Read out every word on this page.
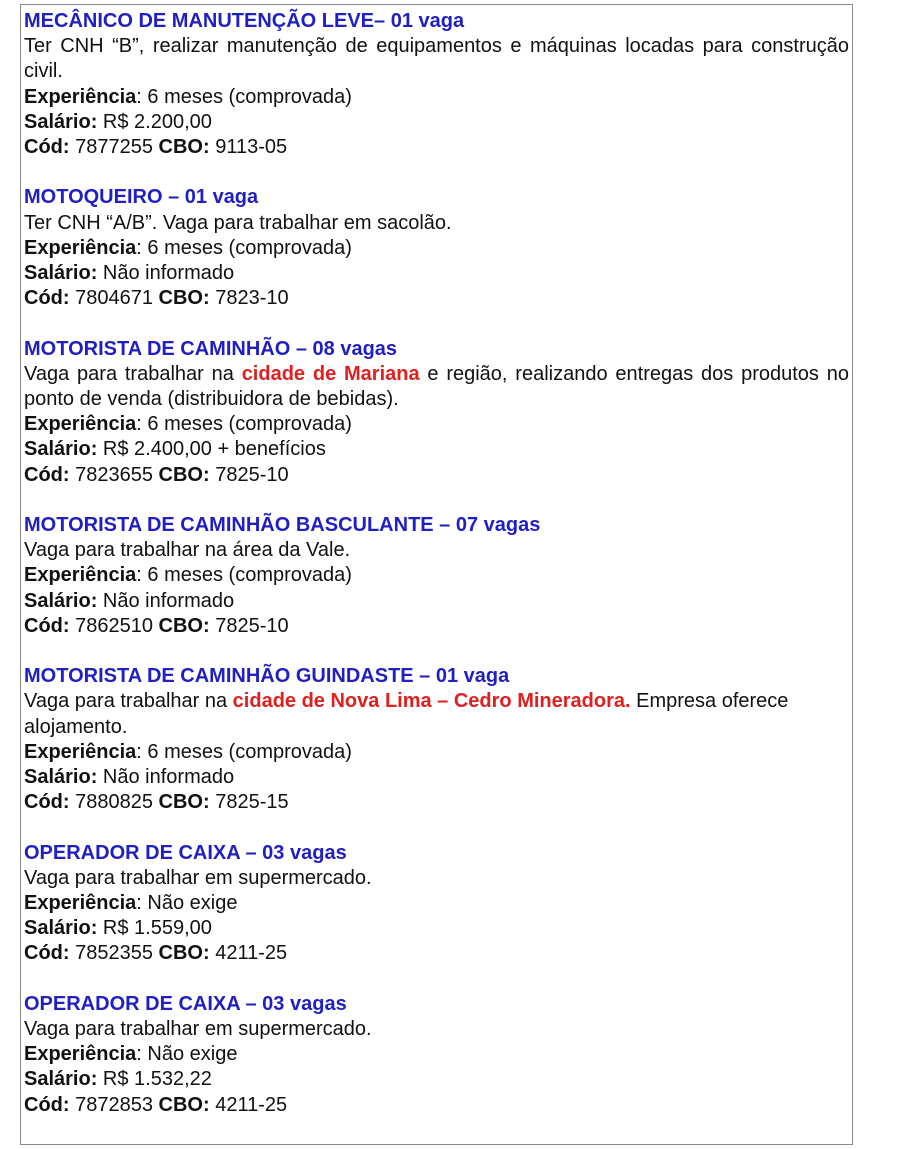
MECÂNICO DE MANUTENÇÃO LEVE– 01 vaga

Ter CNH “B”, realizar manutenção de equipamentos e máquinas locadas para construção civil.

Experiência: 6 meses (comprovada)

Salário: R$ 2.200,00

Cód: 7877255 CBO: 9113-05

MOTOQUEIRO – 01 vaga

Ter CNH “A/B”. Vaga para trabalhar em sacolão.

Experiência: 6 meses (comprovada)

Salário: Não informado

Cód: 7804671 CBO: 7823-10

MOTORISTA DE CAMINHÃO – 08 vagas

Vaga para trabalhar na cidade de Mariana e região, realizando entregas dos produtos no ponto de venda (distribuidora de bebidas).

Experiência: 6 meses (comprovada)

Salário: R$ 2.400,00 + benefícios

Cód: 7823655 CBO: 7825-10

MOTORISTA DE CAMINHÃO BASCULANTE – 07 vagas

Vaga para trabalhar na área da Vale.

Experiência: 6 meses (comprovada)

Salário: Não informado

Cód: 7862510 CBO: 7825-10

MOTORISTA DE CAMINHÃO GUINDASTE – 01 vaga

Vaga para trabalhar na cidade de Nova Lima – Cedro Mineradora. Empresa oferece alojamento.

Experiência: 6 meses (comprovada)

Salário: Não informado

Cód: 7880825 CBO: 7825-15

OPERADOR DE CAIXA – 03 vagas

Vaga para trabalhar em supermercado.

Experiência: Não exige

Salário: R$ 1.559,00

Cód: 7852355 CBO: 4211-25

OPERADOR DE CAIXA – 03 vagas

Vaga para trabalhar em supermercado.

Experiência: Não exige

Salário: R$ 1.532,22

Cód: 7872853 CBO: 4211-25
